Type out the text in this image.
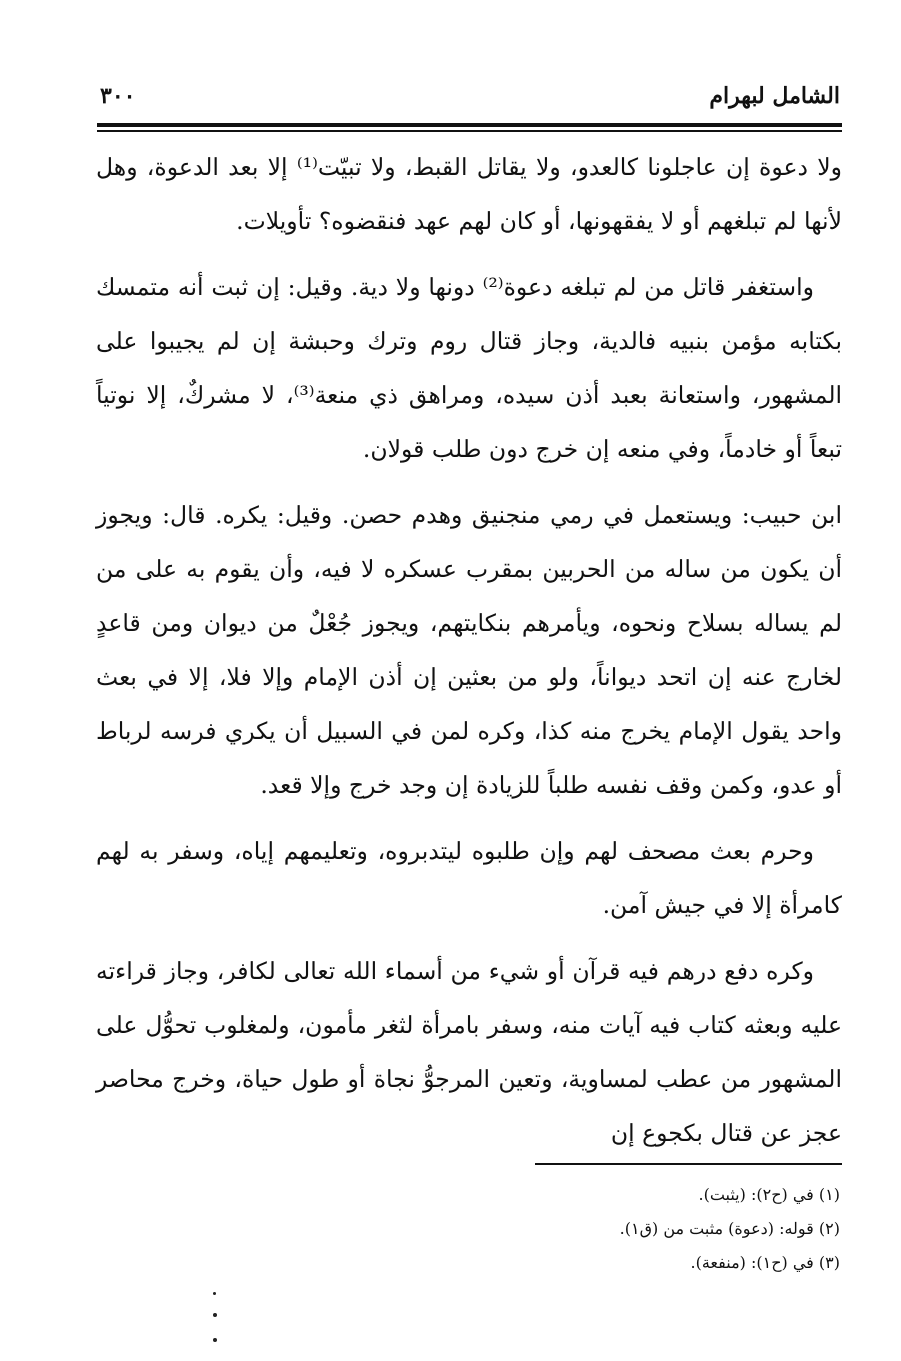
الشامل لبهرام
٣٠٠

ولا دعوة إن عاجلونا كالعدو، ولا يقاتل القبط، ولا تبيّت⁽¹⁾ إلا بعد الدعوة، وهل لأنها لم تبلغهم أو لا يفقهونها، أو كان لهم عهد فنقضوه؟ تأويلات.

واستغفر قاتل من لم تبلغه دعوة⁽²⁾ دونها ولا دية. وقيل: إن ثبت أنه متمسك بكتابه مؤمن بنبيه فالدية، وجاز قتال روم وترك وحبشة إن لم يجيبوا على المشهور، واستعانة بعبد أذن سيده، ومراهق ذي منعة⁽³⁾، لا مشركٌ، إلا نوتياً تبعاً أو خادماً، وفي منعه إن خرج دون طلب قولان.

ابن حبيب: ويستعمل في رمي منجنيق وهدم حصن. وقيل: يكره. قال: ويجوز أن يكون من ساله من الحربين بمقرب عسكره لا فيه، وأن يقوم به على من لم يساله بسلاح ونحوه، ويأمرهم بنكايتهم، ويجوز جُعْلٌ من ديوان ومن قاعدٍ لخارج عنه إن اتحد ديواناً، ولو من بعثين إن أذن الإمام وإلا فلا، إلا في بعث واحد يقول الإمام يخرج منه كذا، وكره لمن في السبيل أن يكري فرسه لرباط أو عدو، وكمن وقف نفسه طلباً للزيادة إن وجد خرج وإلا قعد.

وحرم بعث مصحف لهم وإن طلبوه ليتدبروه، وتعليمهم إياه، وسفر به لهم كامرأة إلا في جيش آمن.

وكره دفع درهم فيه قرآن أو شيء من أسماء الله تعالى لكافر، وجاز قراءته عليه وبعثه كتاب فيه آيات منه، وسفر بامرأة لثغر مأمون، ولمغلوب تحوُّل على المشهور من عطب لمساوية، وتعين المرجوُّ نجاة أو طول حياة، وخرج محاصر عجز عن قتال بكجوع إن

(١) في (ح٢): (يثبت).
(٢) قوله: (دعوة) مثبت من (ق١).
(٣) في (ح١): (منفعة).
